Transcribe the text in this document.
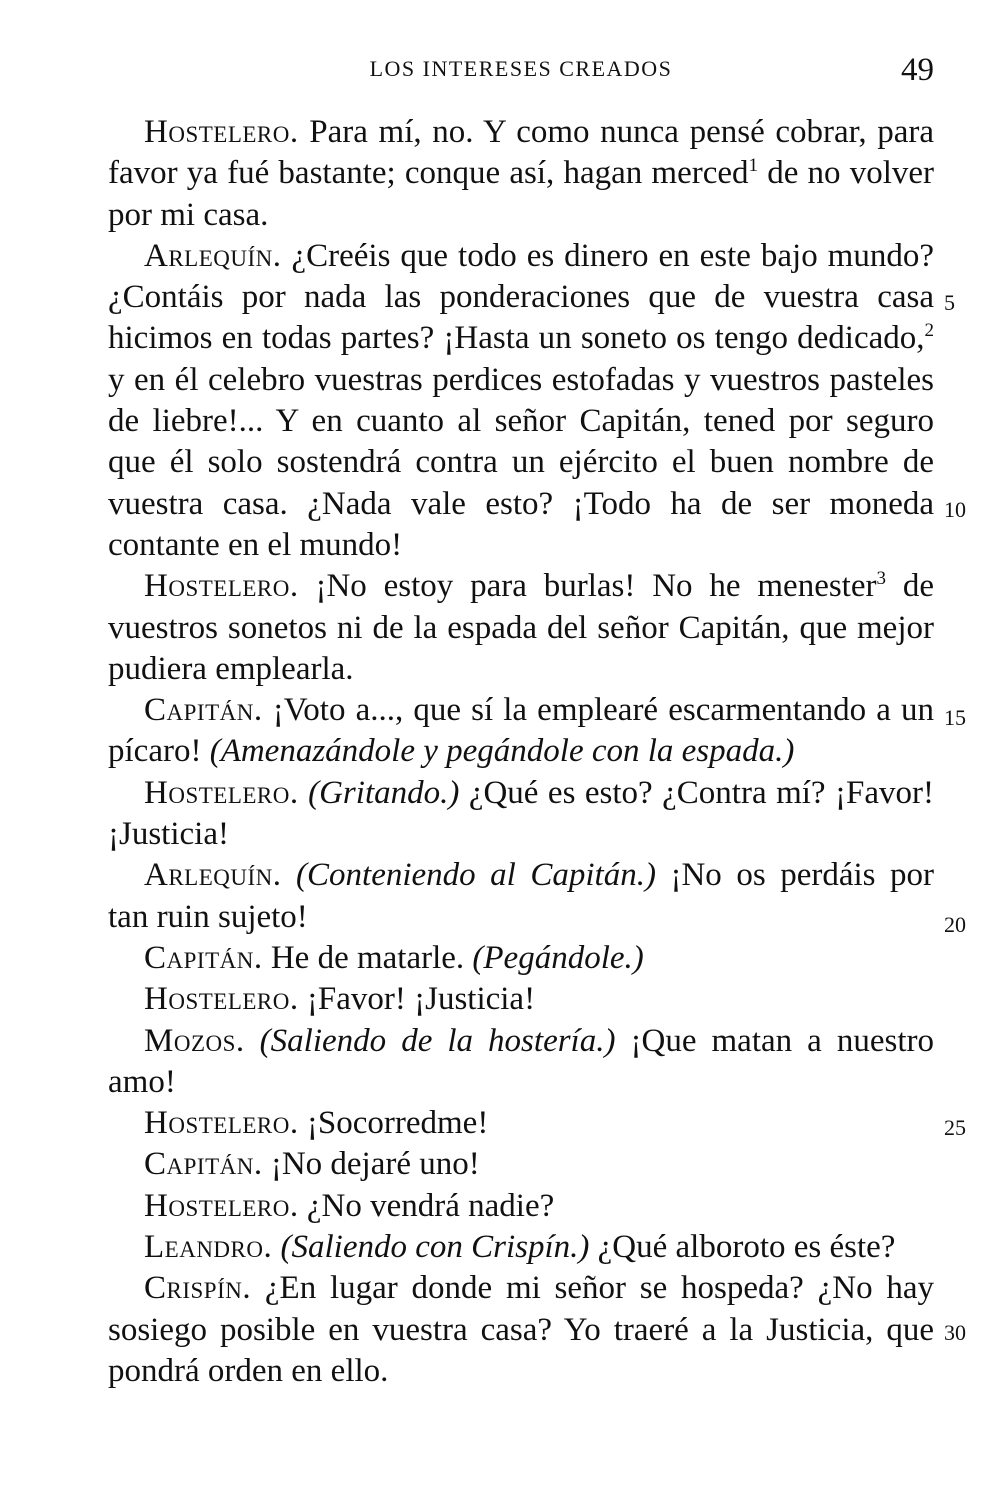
LOS INTERESES CREADOS	49

Hostelero. Para mí, no. Y como nunca pensé cobrar, para favor ya fué bastante; conque así, hagan merced$^1$ de no volver por mi casa.

Arlequín. ¿Creéis que todo es dinero en este bajo mundo? ¿Contáis por nada las ponderaciones que de vuestra casa hicimos en todas partes? ¡Hasta un soneto os tengo dedicado,$^2$ y en él celebro vuestras perdices estofadas y vuestros pasteles de liebre!... Y en cuanto al señor Capitán, tened por seguro que él solo sostendrá contra un ejército el buen nombre de vuestra casa. ¿Nada vale esto? ¡Todo ha de ser moneda contante en el mundo!

Hostelero. ¡No estoy para burlas! No he menester$^3$ de vuestros sonetos ni de la espada del señor Capitán, que mejor pudiera emplearla.

Capitán. ¡Voto a..., que sí la emplearé escarmentando a un pícaro! (Amenazándole y pegándole con la espada.)

Hostelero. (Gritando.) ¿Qué es esto? ¿Contra mí? ¡Favor! ¡Justicia!

Arlequín. (Conteniendo al Capitán.) ¡No os perdáis por tan ruin sujeto!

Capitán. He de matarle. (Pegándole.)

Hostelero. ¡Favor! ¡Justicia!

Mozos. (Saliendo de la hostería.) ¡Que matan a nuestro amo!

Hostelero. ¡Socorredme!

Capitán. ¡No dejaré uno!

Hostelero. ¿No vendrá nadie?

Leandro. (Saliendo con Crispín.) ¿Qué alboroto es éste?

Crispín. ¿En lugar donde mi señor se hospeda? ¿No hay sosiego posible en vuestra casa? Yo traeré a la Justicia, que pondrá orden en ello.

5
10
15
20
25
30
